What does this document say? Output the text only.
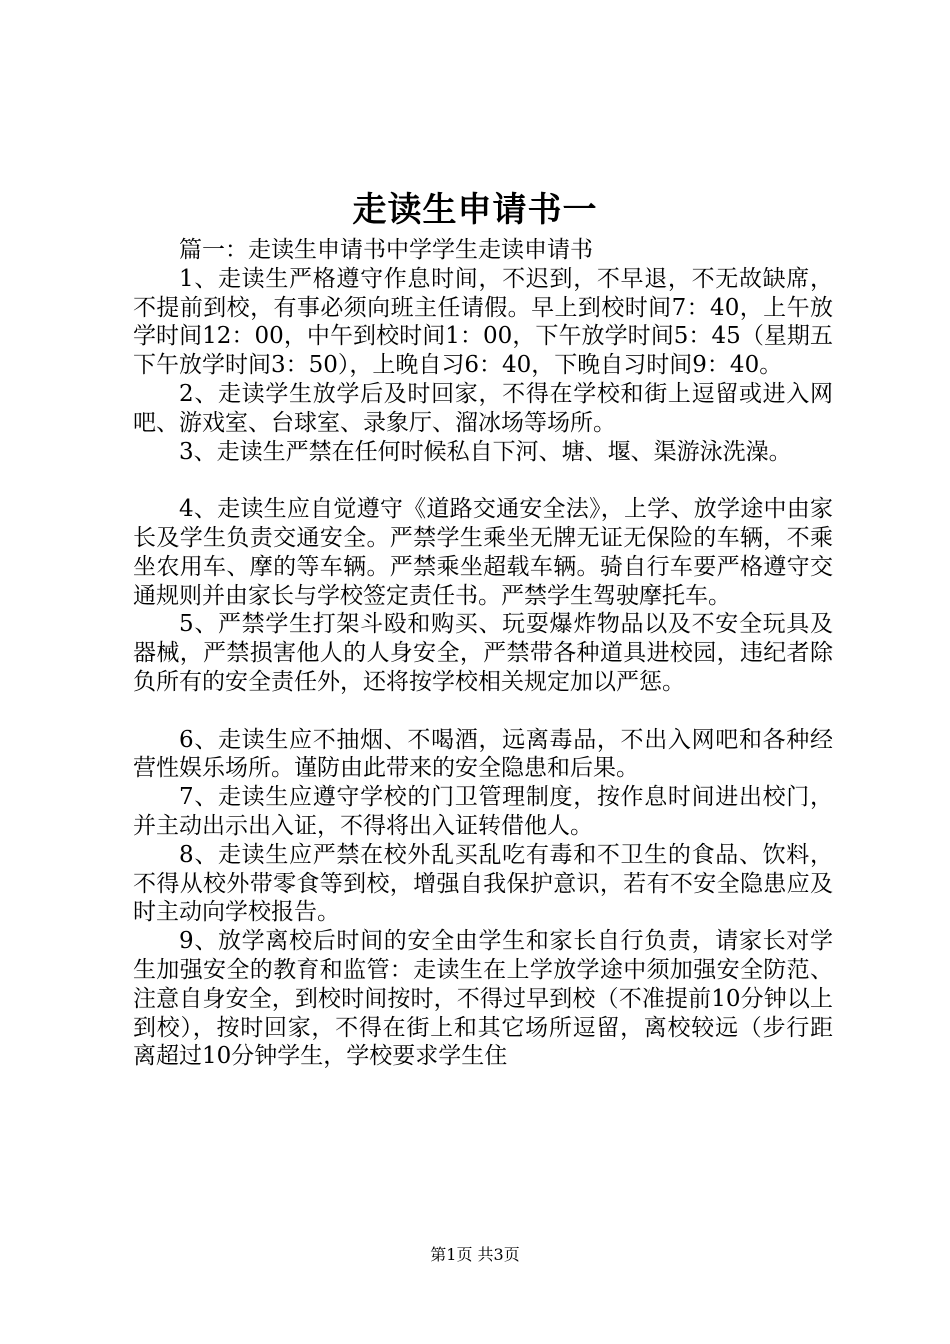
走读生申请书一

篇一：走读生申请书中学学生走读申请书

1、走读生严格遵守作息时间，不迟到，不早退，不无故缺席，不提前到校，有事必须向班主任请假。早上到校时间7：40，上午放学时间12：00，中午到校时间1：00，下午放学时间5：45（星期五下午放学时间3：50），上晚自习6：40，下晚自习时间9：40。

2、走读学生放学后及时回家，不得在学校和街上逗留或进入网吧、游戏室、台球室、录象厅、溜冰场等场所。

3、走读生严禁在任何时候私自下河、塘、堰、渠游泳洗澡。

4、走读生应自觉遵守《道路交通安全法》，上学、放学途中由家长及学生负责交通安全。严禁学生乘坐无牌无证无保险的车辆，不乘坐农用车、摩的等车辆。严禁乘坐超载车辆。骑自行车要严格遵守交通规则并由家长与学校签定责任书。严禁学生驾驶摩托车。

5、严禁学生打架斗殴和购买、玩耍爆炸物品以及不安全玩具及器械，严禁损害他人的人身安全，严禁带各种道具进校园，违纪者除负所有的安全责任外，还将按学校相关规定加以严惩。

6、走读生应不抽烟、不喝酒，远离毒品，不出入网吧和各种经营性娱乐场所。谨防由此带来的安全隐患和后果。

7、走读生应遵守学校的门卫管理制度，按作息时间进出校门，并主动出示出入证，不得将出入证转借他人。

8、走读生应严禁在校外乱买乱吃有毒和不卫生的食品、饮料，不得从校外带零食等到校，增强自我保护意识，若有不安全隐患应及时主动向学校报告。

9、放学离校后时间的安全由学生和家长自行负责，请家长对学生加强安全的教育和监管：走读生在上学放学途中须加强安全防范、注意自身安全，到校时间按时，不得过早到校（不准提前10分钟以上到校），按时回家，不得在街上和其它场所逗留，离校较远（步行距离超过10分钟学生，学校要求学生住

第1页 共3页
